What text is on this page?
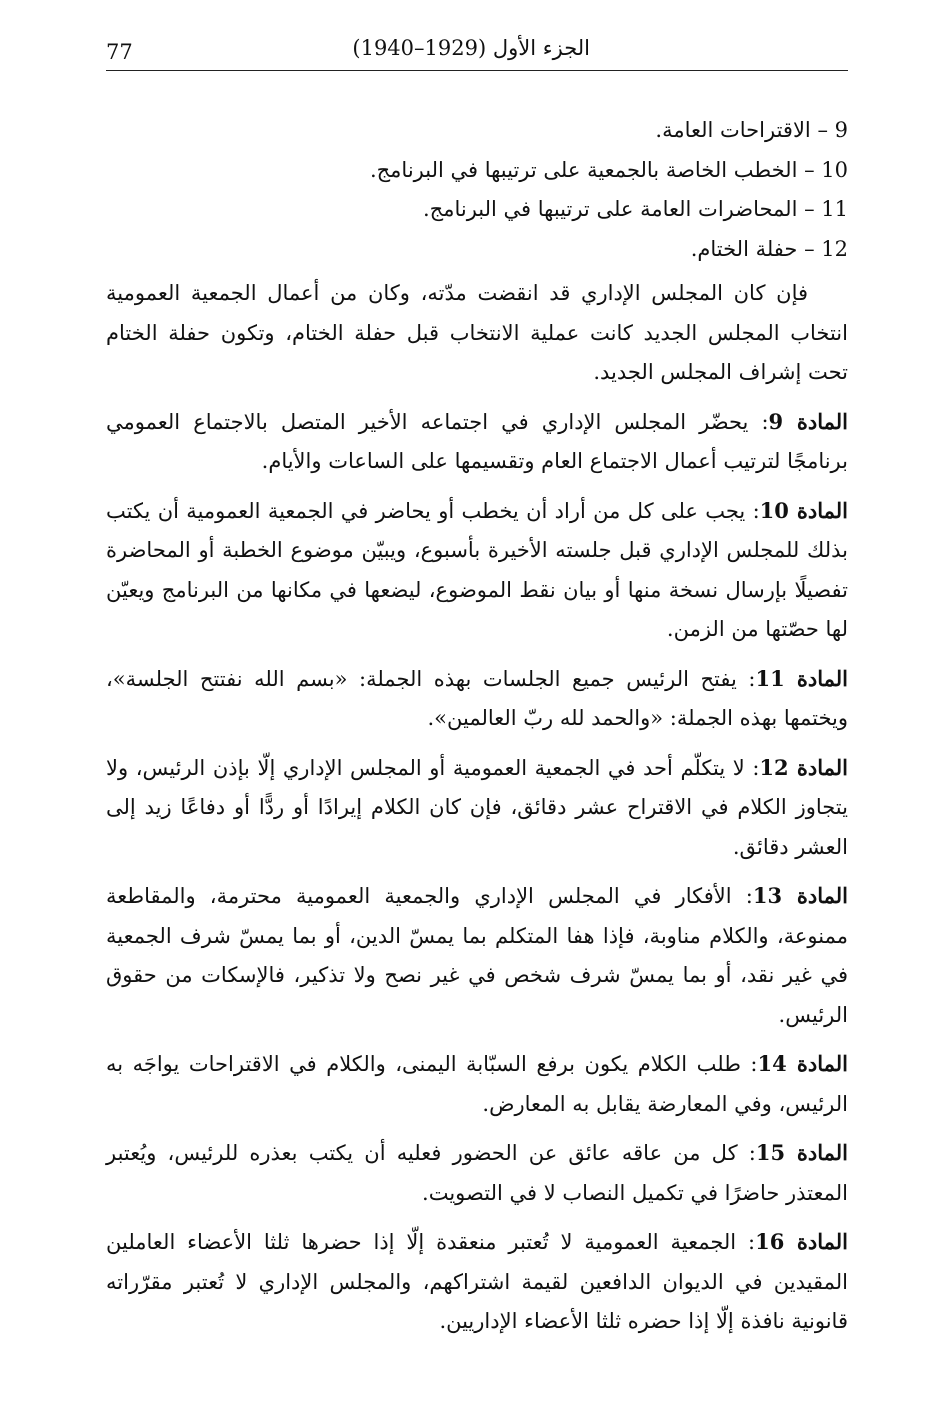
77	الجزء الأول (1929–1940)
9 – الاقتراحات العامة.
10 – الخطب الخاصة بالجمعية على ترتيبها في البرنامج.
11 – المحاضرات العامة على ترتيبها في البرنامج.
12 – حفلة الختام.

فإن كان المجلس الإداري قد انقضت مدّته، وكان من أعمال الجمعية العمومية انتخاب المجلس الجديد كانت عملية الانتخاب قبل حفلة الختام، وتكون حفلة الختام تحت إشراف المجلس الجديد.

المادة 9: يحضّر المجلس الإداري في اجتماعه الأخير المتصل بالاجتماع العمومي برنامجًا لترتيب أعمال الاجتماع العام وتقسيمها على الساعات والأيام.

المادة 10: يجب على كل من أراد أن يخطب أو يحاضر في الجمعية العمومية أن يكتب بذلك للمجلس الإداري قبل جلسته الأخيرة بأسبوع، ويبيّن موضوع الخطبة أو المحاضرة تفصيلًا بإرسال نسخة منها أو بيان نقط الموضوع، ليضعها في مكانها من البرنامج ويعيّن لها حصّتها من الزمن.

المادة 11: يفتح الرئيس جميع الجلسات بهذه الجملة: «بسم الله نفتتح الجلسة»، ويختمها بهذه الجملة: «والحمد لله ربّ العالمين».

المادة 12: لا يتكلّم أحد في الجمعية العمومية أو المجلس الإداري إلّا بإذن الرئيس، ولا يتجاوز الكلام في الاقتراح عشر دقائق، فإن كان الكلام إيرادًا أو ردًّا أو دفاعًا زيد إلى العشر دقائق.

المادة 13: الأفكار في المجلس الإداري والجمعية العمومية محترمة، والمقاطعة ممنوعة، والكلام مناوبة، فإذا هفا المتكلم بما يمسّ الدين، أو بما يمسّ شرف الجمعية في غير نقد، أو بما يمسّ شرف شخص في غير نصح ولا تذكير، فالإسكات من حقوق الرئيس.

المادة 14: طلب الكلام يكون برفع السبّابة اليمنى، والكلام في الاقتراحات يواجَه به الرئيس، وفي المعارضة يقابل به المعارض.

المادة 15: كل من عاقه عائق عن الحضور فعليه أن يكتب بعذره للرئيس، ويُعتبر المعتذر حاضرًا في تكميل النصاب لا في التصويت.

المادة 16: الجمعية العمومية لا تُعتبر منعقدة إلّا إذا حضرها ثلثا الأعضاء العاملين المقيدين في الديوان الدافعين لقيمة اشتراكهم، والمجلس الإداري لا تُعتبر مقرّراته قانونية نافذة إلّا إذا حضره ثلثا الأعضاء الإداريين.
